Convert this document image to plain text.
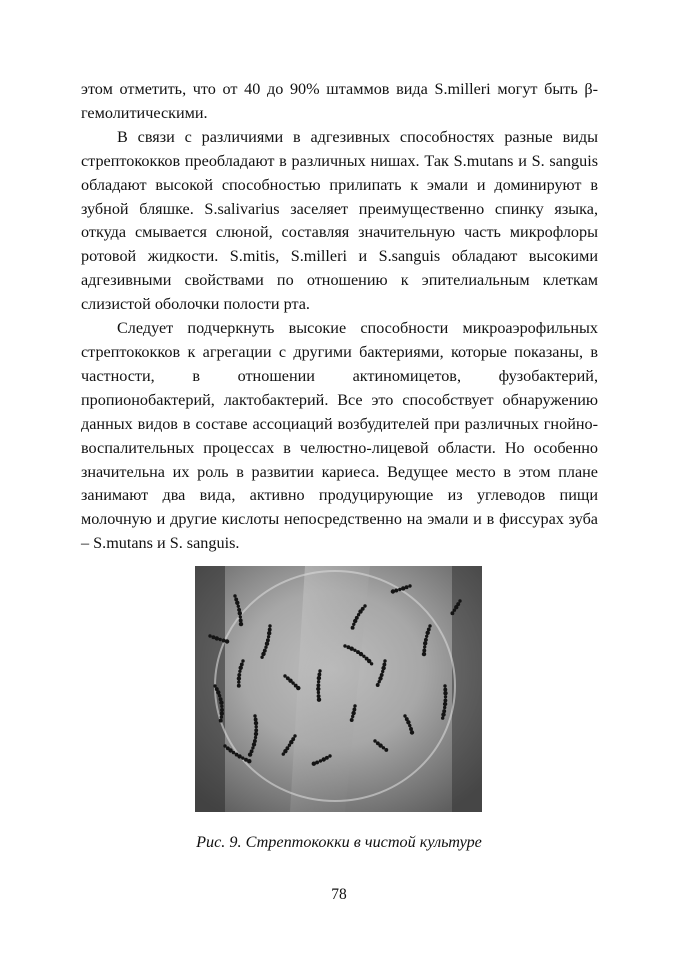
этом отметить, что от 40 до 90% штаммов вида S.milleri могут быть β-гемолитическими.

В связи с различиями в адгезивных способностях разные виды стрептококков преобладают в различных нишах. Так S.mutans и S. sanguis обладают высокой способностью прилипать к эмали и доминируют в зубной бляшке. S.salivarius заселяет преимущественно спинку языка, откуда смывается слюной, составляя значительную часть микрофлоры ротовой жидкости. S.mitis, S.milleri и S.sanguis обладают высокими адгезивными свойствами по отношению к эпителиальным клеткам слизистой оболочки полости рта.

Следует подчеркнуть высокие способности микроаэрофильных стрептококков к агрегации с другими бактериями, которые показаны, в частности, в отношении актиномицетов, фузобактерий, пропионобактерий, лактобактерий. Все это способствует обнаружению данных видов в составе ассоциаций возбудителей при различных гнойно-воспалительных процессах в челюстно-лицевой области. Но особенно значительна их роль в развитии кариеса. Ведущее место в этом плане занимают два вида, активно продуцирующие из углеводов пищи молочную и другие кислоты непосредственно на эмали и в фиссурах зуба – S.mutans и S. sanguis.

Рис. 9. Стрептококки в чистой культуре
78
